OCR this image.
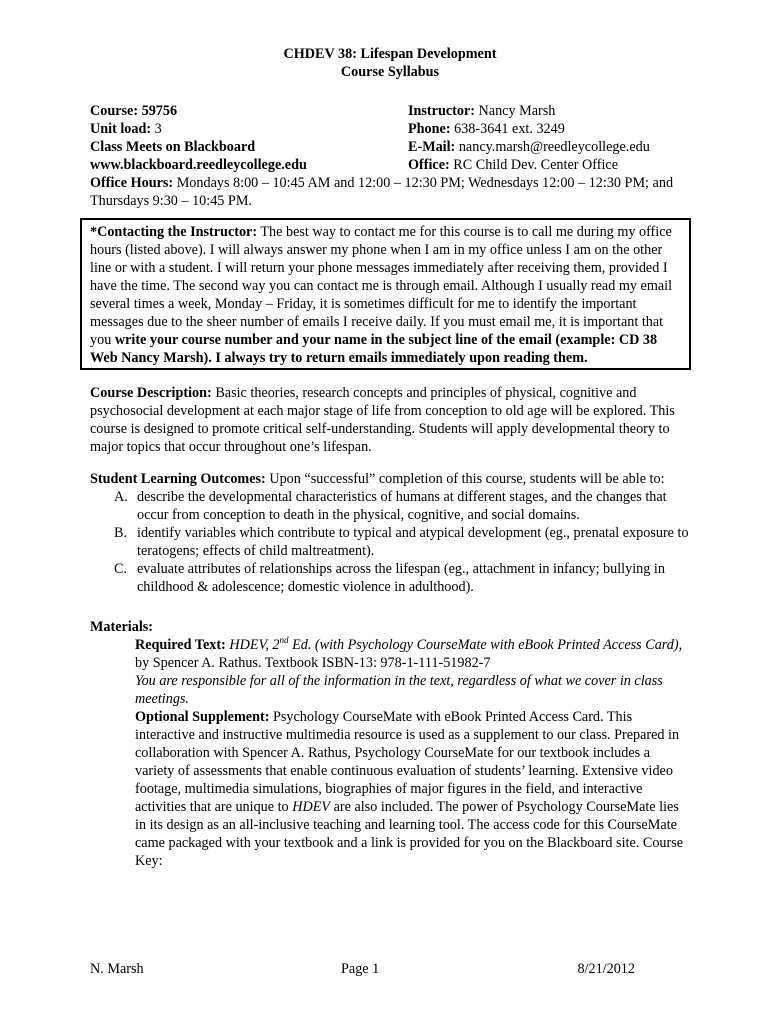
CHDEV 38: Lifespan Development

Course Syllabus

Course: 59756
Unit load: 3
Class Meets on Blackboard
www.blackboard.reedleycollege.edu
Instructor: Nancy Marsh
Phone: 638-3641 ext. 3249
E-Mail: nancy.marsh@reedleycollege.edu
Office: RC Child Dev. Center Office

Office Hours: Mondays 8:00 – 10:45 AM and 12:00 – 12:30 PM; Wednesdays 12:00 – 12:30 PM; and Thursdays 9:30 – 10:45 PM.

*Contacting the Instructor: The best way to contact me for this course is to call me during my office hours (listed above). I will always answer my phone when I am in my office unless I am on the other line or with a student. I will return your phone messages immediately after receiving them, provided I have the time. The second way you can contact me is through email. Although I usually read my email several times a week, Monday – Friday, it is sometimes difficult for me to identify the important messages due to the sheer number of emails I receive daily. If you must email me, it is important that you write your course number and your name in the subject line of the email (example: CD 38 Web Nancy Marsh). I always try to return emails immediately upon reading them.

Course Description: Basic theories, research concepts and principles of physical, cognitive and psychosocial development at each major stage of life from conception to old age will be explored. This course is designed to promote critical self-understanding. Students will apply developmental theory to major topics that occur throughout one’s lifespan.

Student Learning Outcomes: Upon “successful” completion of this course, students will be able to:

A. describe the developmental characteristics of humans at different stages, and the changes that occur from conception to death in the physical, cognitive, and social domains.
B. identify variables which contribute to typical and atypical development (eg., prenatal exposure to teratogens; effects of child maltreatment).
C. evaluate attributes of relationships across the lifespan (eg., attachment in infancy; bullying in childhood & adolescence; domestic violence in adulthood).

Materials:

Required Text: HDEV, 2nd Ed. (with Psychology CourseMate with eBook Printed Access Card), by Spencer A. Rathus. Textbook ISBN-13: 978-1-111-51982-7

You are responsible for all of the information in the text, regardless of what we cover in class meetings.

Optional Supplement: Psychology CourseMate with eBook Printed Access Card. This interactive and instructive multimedia resource is used as a supplement to our class. Prepared in collaboration with Spencer A. Rathus, Psychology CourseMate for our textbook includes a variety of assessments that enable continuous evaluation of students’ learning. Extensive video footage, multimedia simulations, biographies of major figures in the field, and interactive activities that are unique to HDEV are also included. The power of Psychology CourseMate lies in its design as an all-inclusive teaching and learning tool. The access code for this CourseMate came packaged with your textbook and a link is provided for you on the Blackboard site. Course Key:

N. Marsh	Page 1	8/21/2012
